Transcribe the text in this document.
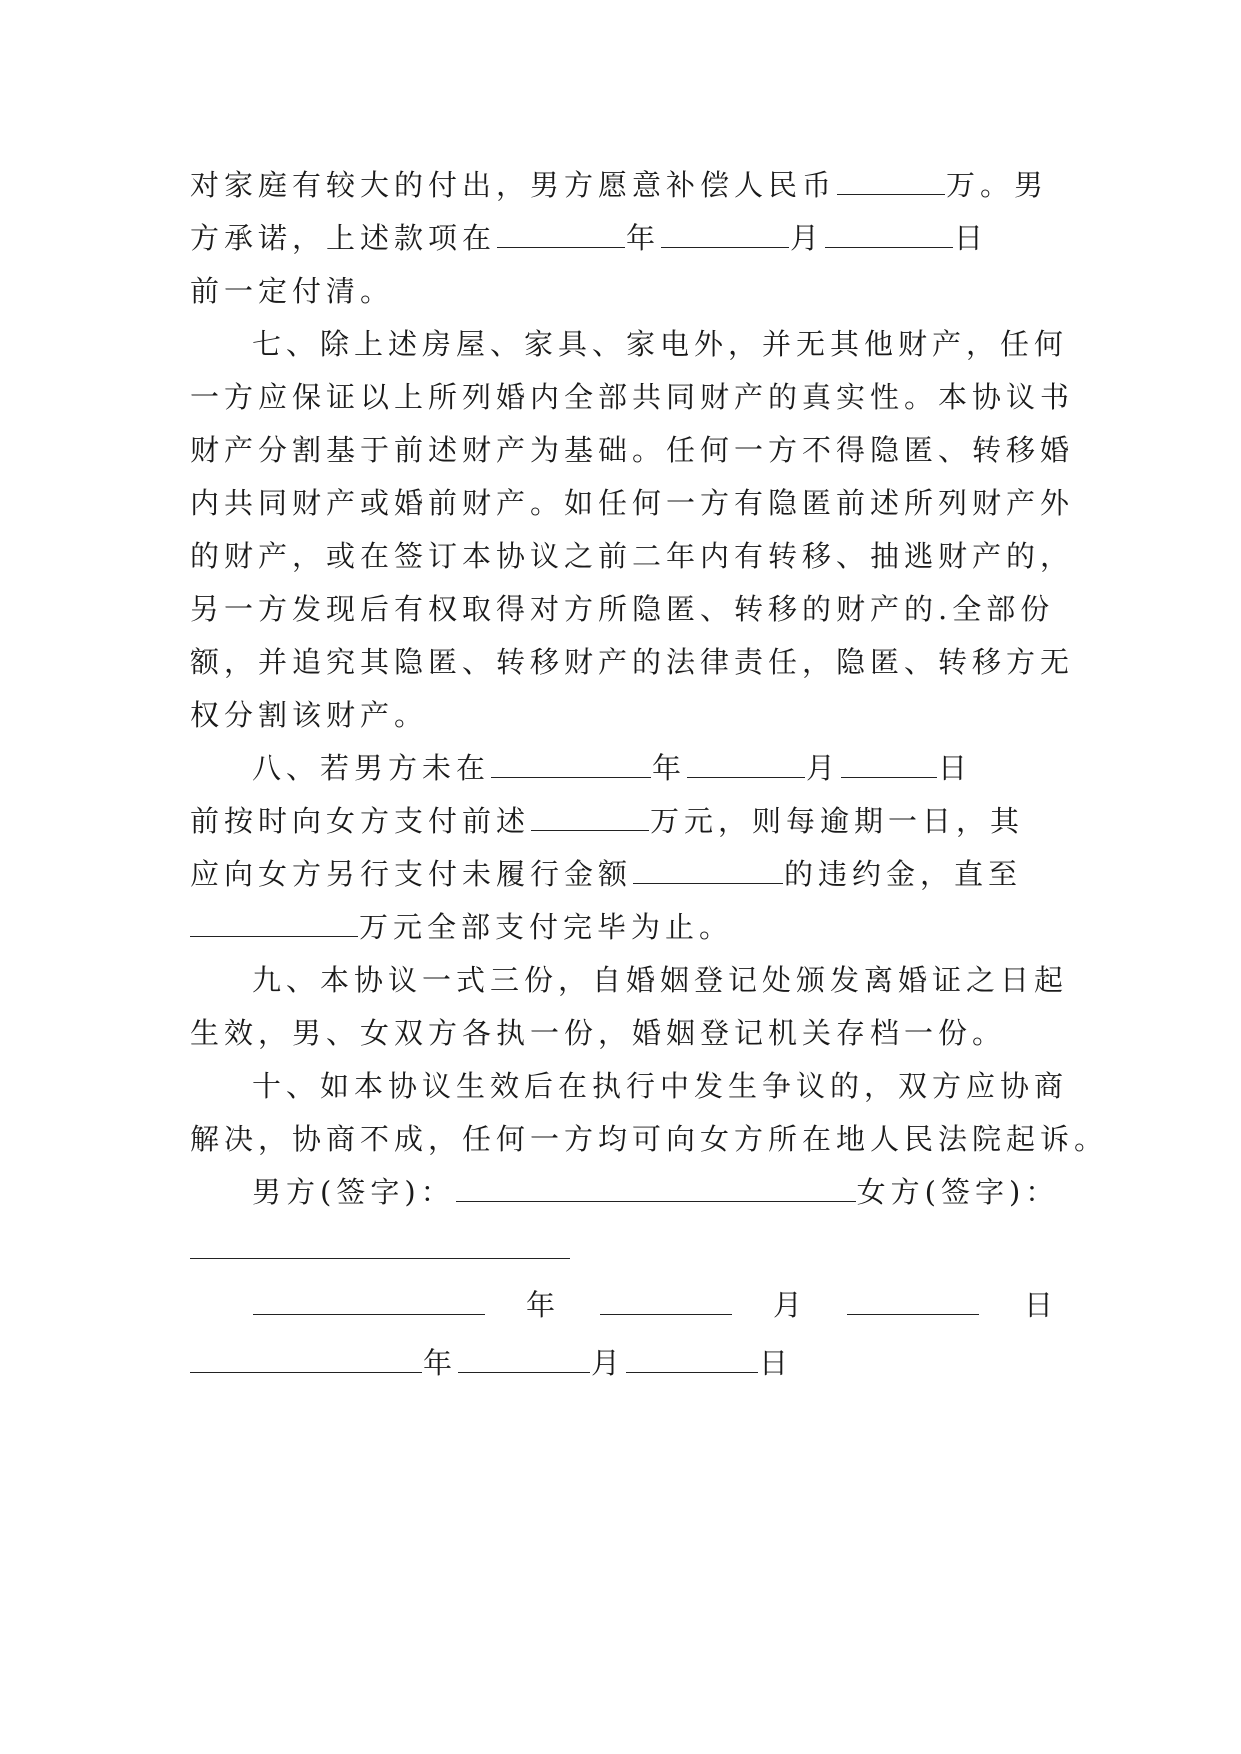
对家庭有较大的付出，男方愿意补偿人民币	万。男
方承诺，上述款项在	年	月	日
前一定付清。
七、除上述房屋、家具、家电外，并无其他财产，任何
一方应保证以上所列婚内全部共同财产的真实性。本协议书
财产分割基于前述财产为基础。任何一方不得隐匿、转移婚
内共同财产或婚前财产。如任何一方有隐匿前述所列财产外
的财产，或在签订本协议之前二年内有转移、抽逃财产的，
另一方发现后有权取得对方所隐匿、转移的财产的.全部份
额，并追究其隐匿、转移财产的法律责任，隐匿、转移方无
权分割该财产。
八、若男方未在	年	月	日
前按时向女方支付前述	万元，则每逾期一日，其
应向女方另行支付未履行金额	的违约金，直至
万元全部支付完毕为止。
九、本协议一式三份，自婚姻登记处颁发离婚证之日起
生效，男、女双方各执一份，婚姻登记机关存档一份。
十、如本协议生效后在执行中发生争议的，双方应协商
解决，协商不成，任何一方均可向女方所在地人民法院起诉。
男方(签字)：	女方(签字)：
年	月	日
年	月	日
